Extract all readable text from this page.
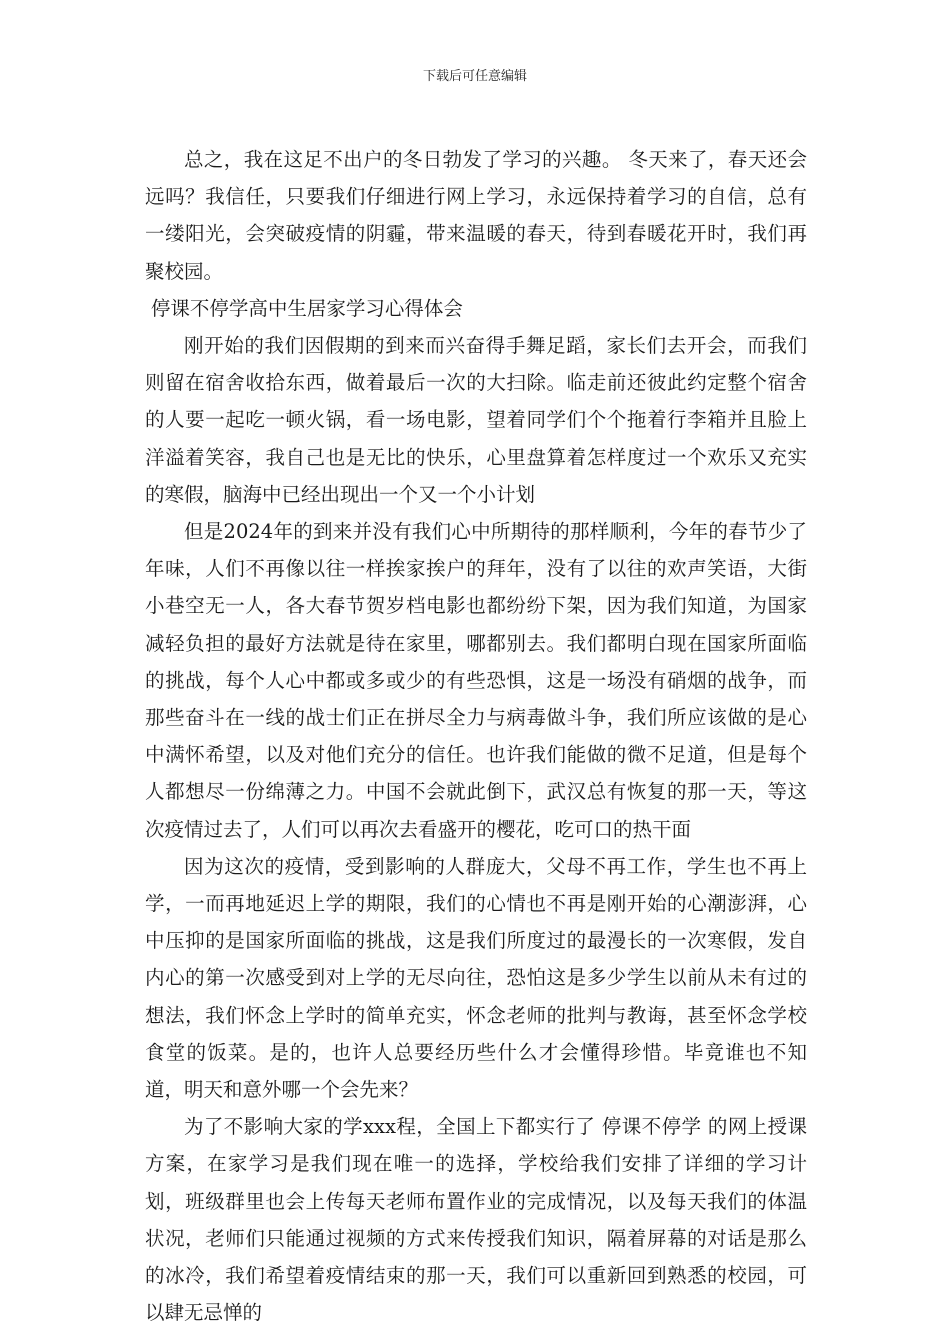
下载后可任意编辑

总之，我在这足不出户的冬日勃发了学习的兴趣。 冬天来了，春天还会远吗？我信任，只要我们仔细进行网上学习，永远保持着学习的自信，总有一缕阳光，会突破疫情的阴霾，带来温暖的春天，待到春暖花开时，我们再聚校园。

停课不停学高中生居家学习心得体会

刚开始的我们因假期的到来而兴奋得手舞足蹈，家长们去开会，而我们则留在宿舍收拾东西，做着最后一次的大扫除。临走前还彼此约定整个宿舍的人要一起吃一顿火锅，看一场电影，望着同学们个个拖着行李箱并且脸上洋溢着笑容，我自己也是无比的快乐，心里盘算着怎样度过一个欢乐又充实的寒假，脑海中已经出现出一个又一个小计划

但是2024年的到来并没有我们心中所期待的那样顺利，今年的春节少了年味，人们不再像以往一样挨家挨户的拜年，没有了以往的欢声笑语，大街小巷空无一人，各大春节贺岁档电影也都纷纷下架，因为我们知道，为国家减轻负担的最好方法就是待在家里，哪都别去。我们都明白现在国家所面临的挑战，每个人心中都或多或少的有些恐惧，这是一场没有硝烟的战争，而那些奋斗在一线的战士们正在拼尽全力与病毒做斗争，我们所应该做的是心中满怀希望，以及对他们充分的信任。也许我们能做的微不足道，但是每个人都想尽一份绵薄之力。中国不会就此倒下，武汉总有恢复的那一天，等这次疫情过去了，人们可以再次去看盛开的樱花，吃可口的热干面

因为这次的疫情，受到影响的人群庞大，父母不再工作，学生也不再上学，一而再地延迟上学的期限，我们的心情也不再是刚开始的心潮澎湃，心中压抑的是国家所面临的挑战，这是我们所度过的最漫长的一次寒假，发自内心的第一次感受到对上学的无尽向往，恐怕这是多少学生以前从未有过的想法，我们怀念上学时的简单充实，怀念老师的批判与教诲，甚至怀念学校食堂的饭菜。是的，也许人总要经历些什么才会懂得珍惜。毕竟谁也不知道，明天和意外哪一个会先来？

为了不影响大家的学xxx程，全国上下都实行了 停课不停学 的网上授课方案，在家学习是我们现在唯一的选择，学校给我们安排了详细的学习计划，班级群里也会上传每天老师布置作业的完成情况，以及每天我们的体温状况，老师们只能通过视频的方式来传授我们知识，隔着屏幕的对话是那么的冰冷，我们希望着疫情结束的那一天，我们可以重新回到熟悉的校园，可以肆无忌惮的
